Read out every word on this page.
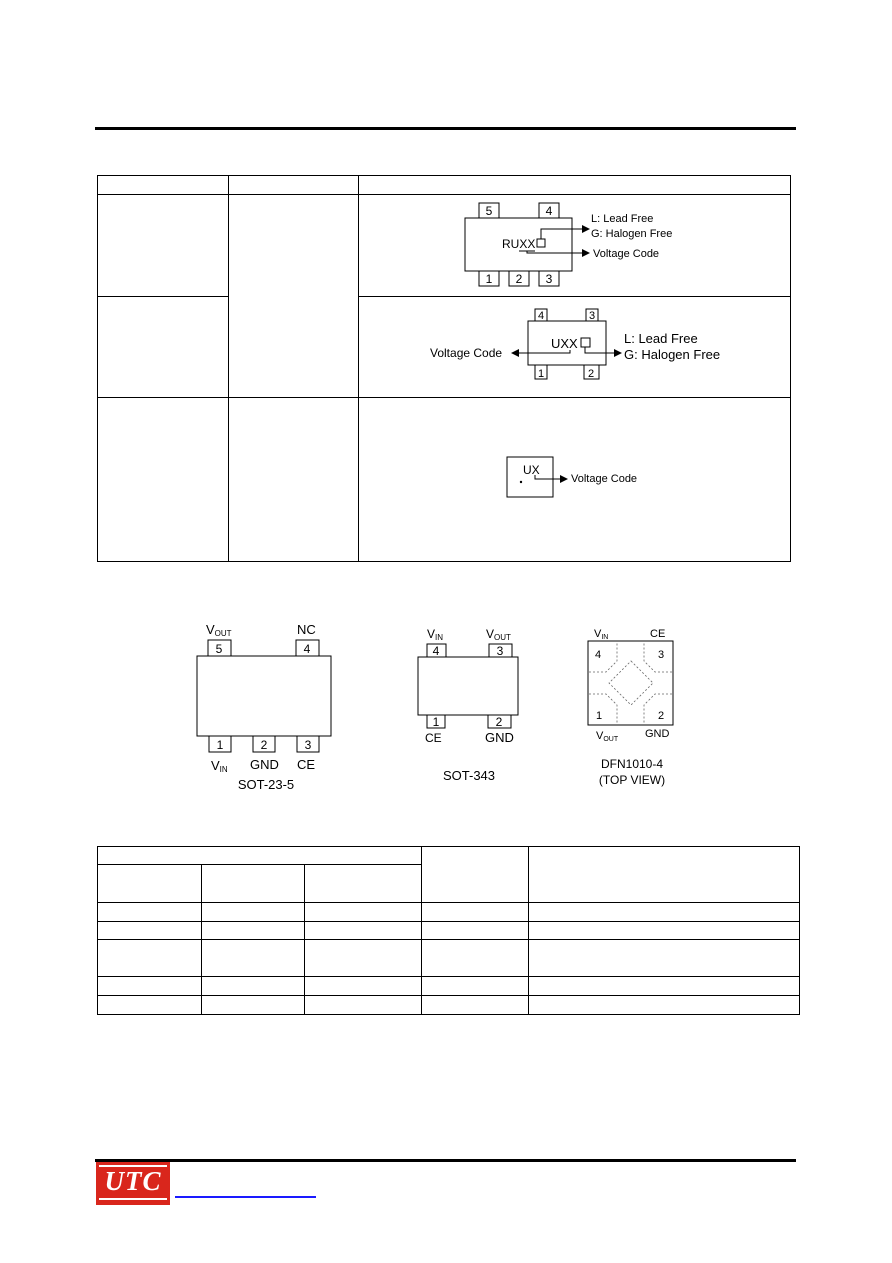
5	4
1 2 3
RUXX
L: Lead Free
G: Halogen Free
Voltage Code
4	3
1	2
UXX
Voltage Code
L: Lead Free
G: Halogen Free
UX
Voltage Code
VOUT	NC
5	4
1	2	3
VIN GND CE
SOT-23-5
VIN	VOUT
4	3
1	2
CE	GND
SOT-343
VIN	CE
4	3
1	2
VOUT GND
DFN1010-4
(TOP VIEW)

UTC
